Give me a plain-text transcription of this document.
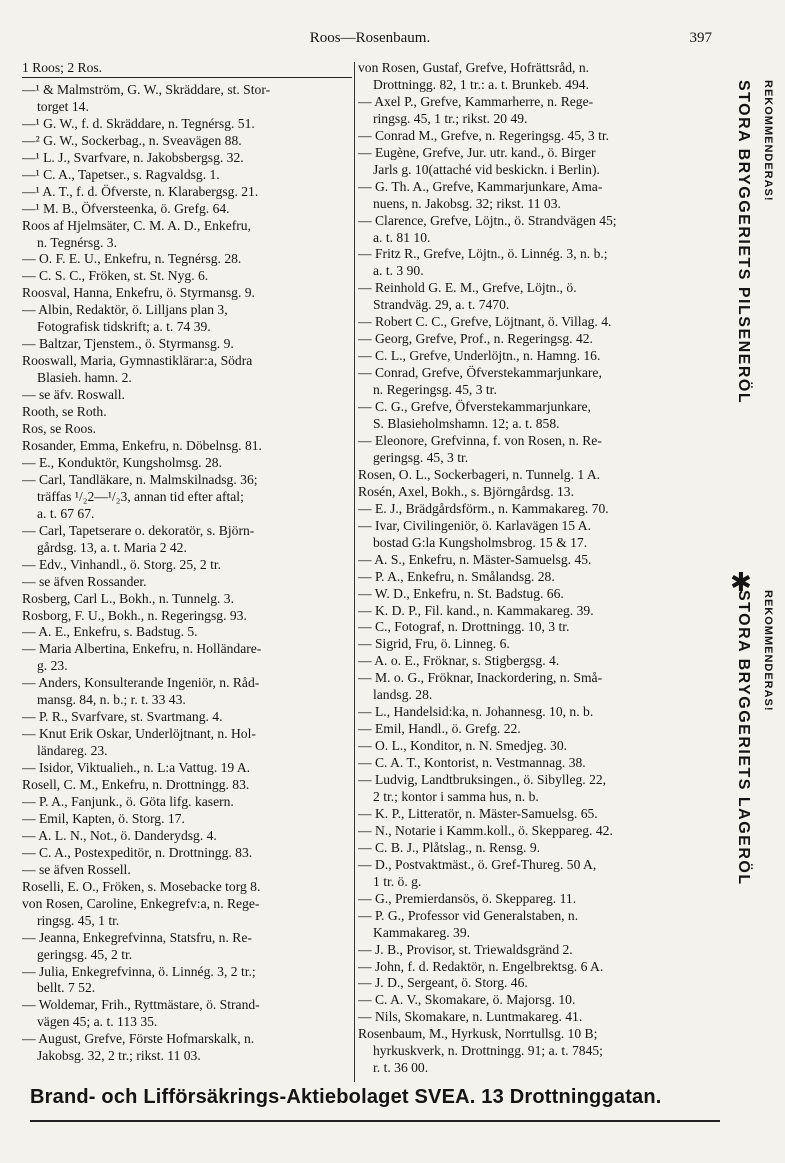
Roos—Rosenbaum.	397
1 Roos; 2 Ros.
—¹ & Malmström, G. W., Skräddare, st. Stor-
torget 14.
—¹ G. W., f. d. Skräddare, n. Tegnérsg. 51.
—² G. W., Sockerbag., n. Sveavägen 88.
—¹ L. J., Svarfvare, n. Jakobsbergsg. 32.
—¹ C. A., Tapetser., s. Ragvaldsg. 1.
—¹ A. T., f. d. Öfverste, n. Klarabergsg. 21.
—¹ M. B., Öfversteenka, ö. Grefg. 64.
Roos af Hjelmsäter, C. M. A. D., Enkefru,
n. Tegnérsg. 3.
— O. F. E. U., Enkefru, n. Tegnérsg. 28.
— C. S. C., Fröken, st. St. Nyg. 6.
Roosval, Hanna, Enkefru, ö. Styrmansg. 9.
— Albin, Redaktör, ö. Lilljans plan 3,
Fotografisk tidskrift; a. t. 74 39.
— Baltzar, Tjenstem., ö. Styrmansg. 9.
Rooswall, Maria, Gymnastiklärar:a, Södra
Blasieh. hamn. 2.
— se äfv. Roswall.
Rooth, se Roth.
Ros, se Roos.
Rosander, Emma, Enkefru, n. Döbelnsg. 81.
— E., Konduktör, Kungsholmsg. 28.
— Carl, Tandläkare, n. Malmskilnadsg. 36;
träffas ¹/₂2—¹/₂3, annan tid efter aftal;
a. t. 67 67.
— Carl, Tapetserare o. dekoratör, s. Björn-
gårdsg. 13, a. t. Maria 2 42.
— Edv., Vinhandl., ö. Storg. 25, 2 tr.
— se äfven Rossander.
Rosberg, Carl L., Bokh., n. Tunnelg. 3.
Rosborg, F. U., Bokh., n. Regeringsg. 93.
— A. E., Enkefru, s. Badstug. 5.
— Maria Albertina, Enkefru, n. Holländare-
g. 23.
— Anders, Konsulterande Ingeniör, n. Råd-
mansg. 84, n. b.; r. t. 33 43.
— P. R., Svarfvare, st. Svartmang. 4.
— Knut Erik Oskar, Underlöjtnant, n. Hol-
ländareg. 23.
— Isidor, Viktualieh., n. L:a Vattug. 19 A.
Rosell, C. M., Enkefru, n. Drottningg. 83.
— P. A., Fanjunk., ö. Göta lifg. kasern.
— Emil, Kapten, ö. Storg. 17.
— A. L. N., Not., ö. Danderydsg. 4.
— C. A., Postexpeditör, n. Drottningg. 83.
— se äfven Rossell.
Roselli, E. O., Fröken, s. Mosebacke torg 8.
von Rosen, Caroline, Enkegrefv:a, n. Rege-
ringsg. 45, 1 tr.
— Jeanna, Enkegrefvinna, Statsfru, n. Re-
geringsg. 45, 2 tr.
— Julia, Enkegrefvinna, ö. Linnég. 3, 2 tr.;
bellt. 7 52.
— Woldemar, Frih., Ryttmästare, ö. Strand-
vägen 45; a. t. 113 35.
— August, Grefve, Förste Hofmarskalk, n.
Jakobsg. 32, 2 tr.; rikst. 11 03.
von Rosen, Gustaf, Grefve, Hofrättsråd, n.
Drottningg. 82, 1 tr.: a. t. Brunkeb. 494.
— Axel P., Grefve, Kammarherre, n. Rege-
ringsg. 45, 1 tr.; rikst. 20 49.
— Conrad M., Grefve, n. Regeringsg. 45, 3 tr.
— Eugène, Grefve, Jur. utr. kand., ö. Birger
Jarls g. 10(attaché vid beskickn. i Berlin).
— G. Th. A., Grefve, Kammarjunkare, Ama-
nuens, n. Jakobsg. 32; rikst. 11 03.
— Clarence, Grefve, Löjtn., ö. Strandvägen 45;
a. t. 81 10.
— Fritz R., Grefve, Löjtn., ö. Linnég. 3, n. b.;
a. t. 3 90.
— Reinhold G. E. M., Grefve, Löjtn., ö.
Strandväg. 29, a. t. 7470.
— Robert C. C., Grefve, Löjtnant, ö. Villag. 4.
— Georg, Grefve, Prof., n. Regeringsg. 42.
— C. L., Grefve, Underlöjtn., n. Hamng. 16.
— Conrad, Grefve, Öfverstekammarjunkare,
n. Regeringsg. 45, 3 tr.
— C. G., Grefve, Öfverstekammarjunkare,
S. Blasieholmshamn. 12; a. t. 858.
— Eleonore, Grefvinna, f. von Rosen, n. Re-
geringsg. 45, 3 tr.
Rosen, O. L., Sockerbageri, n. Tunnelg. 1 A.
Rosén, Axel, Bokh., s. Björngårdsg. 13.
— E. J., Brädgårdsförm., n. Kammakareg. 70.
— Ivar, Civilingeniör, ö. Karlavägen 15 A.
bostad G:la Kungsholmsbrog. 15 & 17.
— A. S., Enkefru, n. Mäster-Samuelsg. 45.
— P. A., Enkefru, n. Smålandsg. 28.
— W. D., Enkefru, n. St. Badstug. 66.
— K. D. P., Fil. kand., n. Kammakareg. 39.
— C., Fotograf, n. Drottningg. 10, 3 tr.
— Sigrid, Fru, ö. Linneg. 6.
— A. o. E., Fröknar, s. Stigbergsg. 4.
— M. o. G., Fröknar, Inackordering, n. Små-
landsg. 28.
— L., Handelsid:ka, n. Johannesg. 10, n. b.
— Emil, Handl., ö. Grefg. 22.
— O. L., Konditor, n. N. Smedjeg. 30.
— C. A. T., Kontorist, n. Vestmannag. 38.
— Ludvig, Landtbruksingen., ö. Sibylleg. 22,
2 tr.; kontor i samma hus, n. b.
— K. P., Litteratör, n. Mäster-Samuelsg. 65.
— N., Notarie i Kamm.koll., ö. Skeppareg. 42.
— C. B. J., Plåtslag., n. Rensg. 9.
— D., Postvaktmäst., ö. Gref-Thureg. 50 A,
1 tr. ö. g.
— G., Premierdansös, ö. Skeppareg. 11.
— P. G., Professor vid Generalstaben, n.
Kammakareg. 39.
— J. B., Provisor, st. Triewaldsgränd 2.
— John, f. d. Redaktör, n. Engelbrektsg. 6 A.
— J. D., Sergeant, ö. Storg. 46.
— C. A. V., Skomakare, ö. Majorsg. 10.
— Nils, Skomakare, n. Luntmakareg. 41.
Rosenbaum, M., Hyrkusk, Norrtullsg. 10 B;
hyrkuskverk, n. Drottningg. 91; a. t. 7845;
r. t. 36 00.
STORA BRYGGERIETS PILSENERÖL REKOMMENDERAS!
✱
STORA BRYGGERIETS LAGERÖL REKOMMENDERAS!
Brand- och Lifförsäkrings-Aktiebolaget SVEA. 13 Drottninggatan.
